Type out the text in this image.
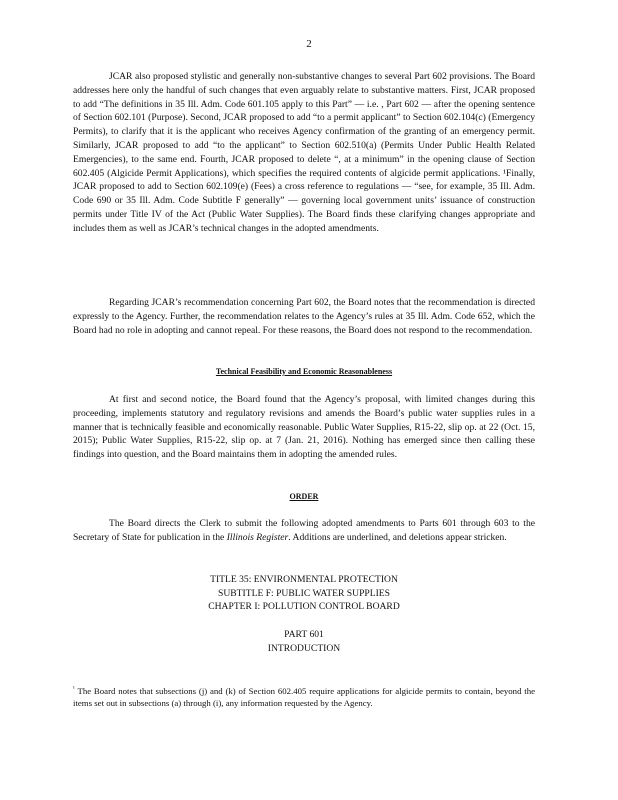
2

JCAR also proposed stylistic and generally non-substantive changes to several Part 602 provisions. The Board addresses here only the handful of such changes that even arguably relate to substantive matters. First, JCAR proposed to add “The definitions in 35 Ill. Adm. Code 601.105 apply to this Part” — i.e. , Part 602 — after the opening sentence of Section 602.101 (Purpose). Second, JCAR proposed to add “to a permit applicant” to Section 602.104(c) (Emergency Permits), to clarify that it is the applicant who receives Agency confirmation of the granting of an emergency permit. Similarly, JCAR proposed to add “to the applicant” to Section 602.510(a) (Permits Under Public Health Related Emergencies), to the same end. Fourth, JCAR proposed to delete “, at a minimum” in the opening clause of Section 602.405 (Algicide Permit Applications), which specifies the required contents of algicide permit applications. ¹Finally, JCAR proposed to add to Section 602.109(e) (Fees) a cross reference to regulations — “see, for example, 35 Ill. Adm. Code 690 or 35 Ill. Adm. Code Subtitle F generally” — governing local government units’ issuance of construction permits under Title IV of the Act (Public Water Supplies). The Board finds these clarifying changes appropriate and includes them as well as JCAR’s technical changes in the adopted amendments.

Regarding JCAR’s recommendation concerning Part 602, the Board notes that the recommendation is directed expressly to the Agency. Further, the recommendation relates to the Agency’s rules at 35 Ill. Adm. Code 652, which the Board had no role in adopting and cannot repeal. For these reasons, the Board does not respond to the recommendation.

Technical Feasibility and Economic Reasonableness

At first and second notice, the Board found that the Agency’s proposal, with limited changes during this proceeding, implements statutory and regulatory revisions and amends the Board’s public water supplies rules in a manner that is technically feasible and economically reasonable. Public Water Supplies, R15-22, slip op. at 22 (Oct. 15, 2015); Public Water Supplies, R15-22, slip op. at 7 (Jan. 21, 2016). Nothing has emerged since then calling these findings into question, and the Board maintains them in adopting the amended rules.

ORDER

The Board directs the Clerk to submit the following adopted amendments to Parts 601 through 603 to the Secretary of State for publication in the Illinois Register. Additions are underlined, and deletions appear stricken.

TITLE 35: ENVIRONMENTAL PROTECTION
SUBTITLE F: PUBLIC WATER SUPPLIES
CHAPTER I: POLLUTION CONTROL BOARD

PART 601
INTRODUCTION

$^{^1}$ The Board notes that subsections (j) and (k) of Section 602.405 require applications for algicide permits to contain, beyond the items set out in subsections (a) through (i), any information requested by the Agency.
